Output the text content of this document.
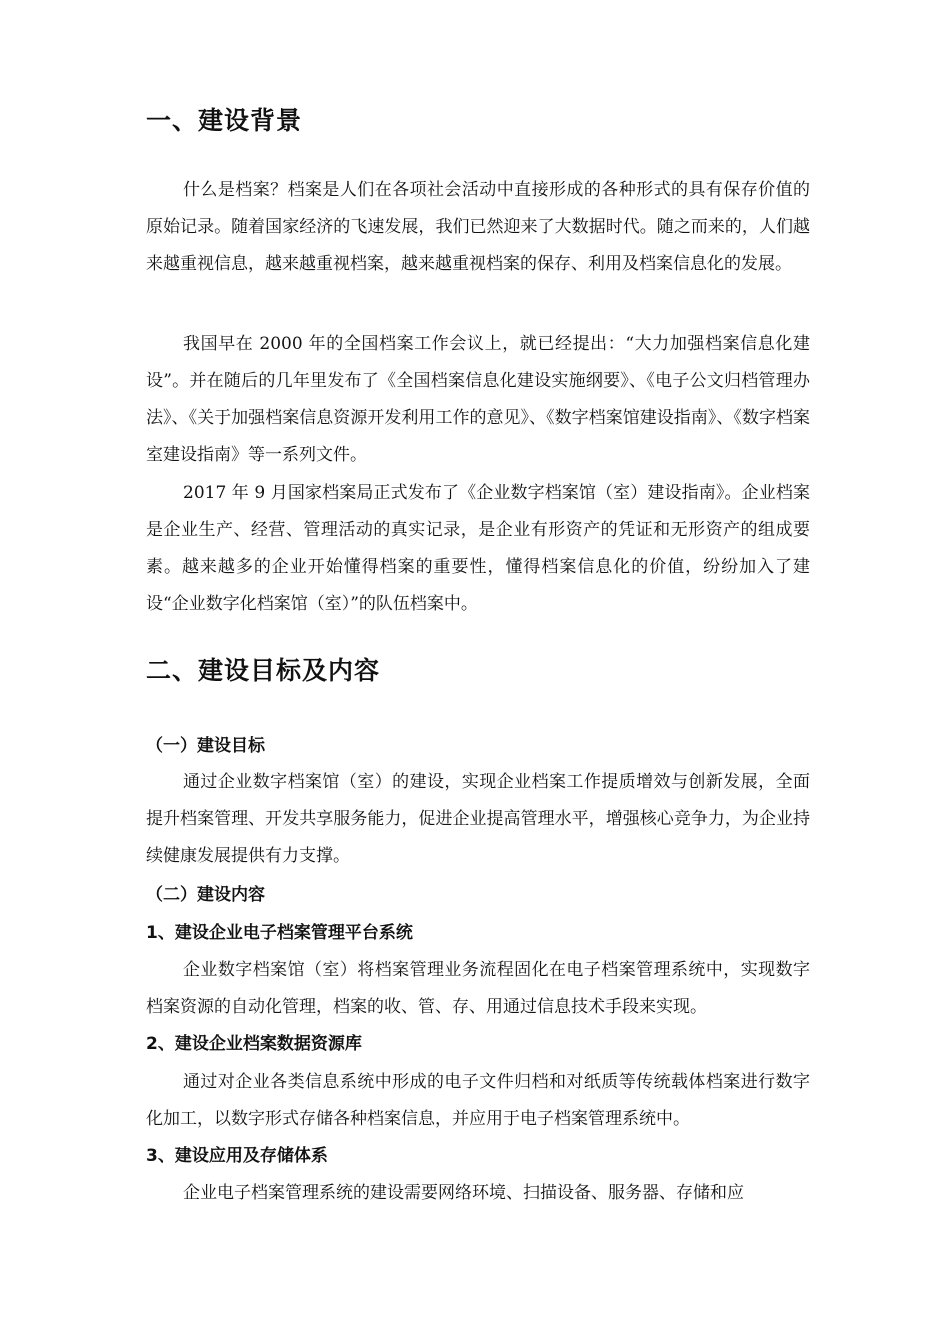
一、建设背景

什么是档案？档案是人们在各项社会活动中直接形成的各种形式的具有保存价值的原始记录。随着国家经济的飞速发展，我们已然迎来了大数据时代。随之而来的，人们越来越重视信息，越来越重视档案，越来越重视档案的保存、利用及档案信息化的发展。

我国早在 2000 年的全国档案工作会议上，就已经提出：“大力加强档案信息化建设”。并在随后的几年里发布了《全国档案信息化建设实施纲要》、《电子公文归档管理办法》、《关于加强档案信息资源开发利用工作的意见》、《数字档案馆建设指南》、《数字档案室建设指南》等一系列文件。

2017 年 9 月国家档案局正式发布了《企业数字档案馆（室）建设指南》。企业档案是企业生产、经营、管理活动的真实记录，是企业有形资产的凭证和无形资产的组成要素。越来越多的企业开始懂得档案的重要性，懂得档案信息化的价值，纷纷加入了建设“企业数字化档案馆（室）”的队伍档案中。

二、建设目标及内容
（一）建设目标

通过企业数字档案馆（室）的建设，实现企业档案工作提质增效与创新发展，全面提升档案管理、开发共享服务能力，促进企业提高管理水平，增强核心竞争力，为企业持续健康发展提供有力支撑。

（二）建设内容
1、建设企业电子档案管理平台系统

企业数字档案馆（室）将档案管理业务流程固化在电子档案管理系统中，实现数字档案资源的自动化管理，档案的收、管、存、用通过信息技术手段来实现。

2、建设企业档案数据资源库

通过对企业各类信息系统中形成的电子文件归档和对纸质等传统载体档案进行数字化加工，以数字形式存储各种档案信息，并应用于电子档案管理系统中。

3、建设应用及存储体系

企业电子档案管理系统的建设需要网络环境、扫描设备、服务器、存储和应
